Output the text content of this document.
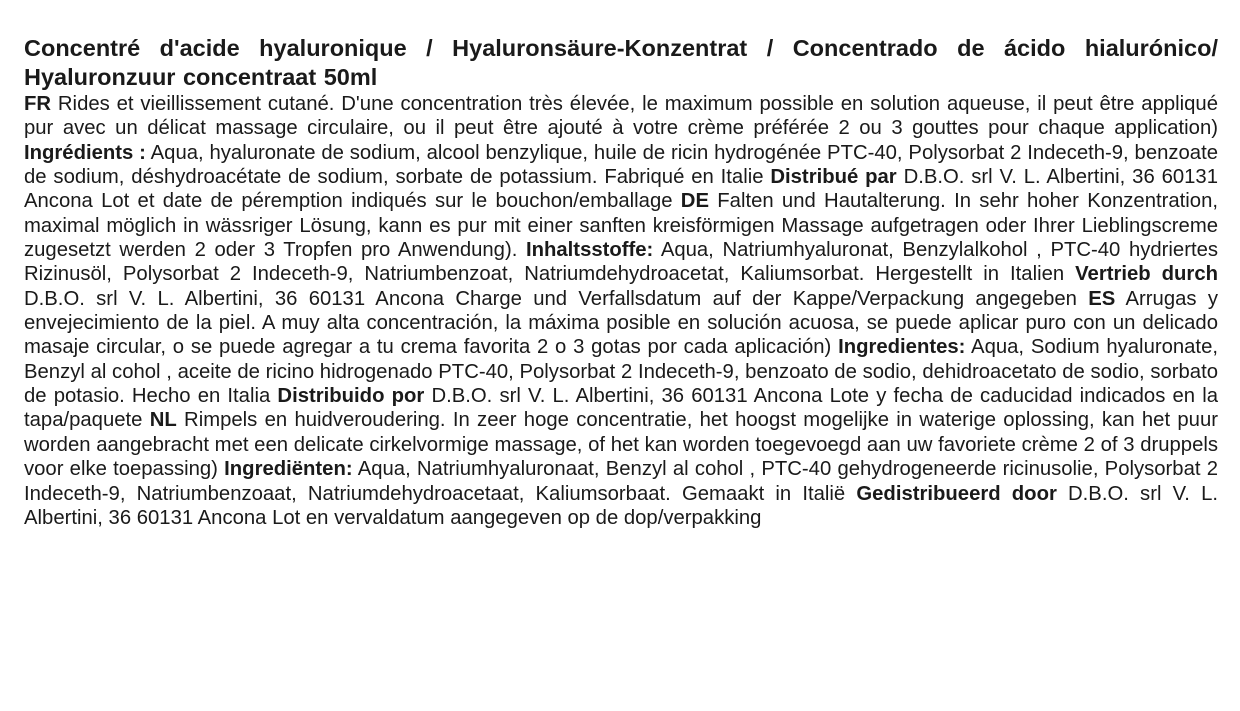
Concentré d'acide hyaluronique / Hyaluronsäure-Konzentrat / Concentrado de ácido hialurónico/ Hyaluronzuur concentraat 50ml

FR Rides et vieillissement cutané. D'une concentration très élevée, le maximum possible en solution aqueuse, il peut être appliqué pur avec un délicat massage circulaire, ou il peut être ajouté à votre crème préférée 2 ou 3 gouttes pour chaque application) Ingrédients : Aqua, hyaluronate de sodium, alcool benzylique, huile de ricin hydrogénée PTC-40, Polysorbat 2 Indeceth-9, benzoate de sodium, déshydroacétate de sodium, sorbate de potassium. Fabriqué en Italie Distribué par D.B.O. srl V. L. Albertini, 36 60131 Ancona Lot et date de péremption indiqués sur le bouchon/emballage DE Falten und Hautalterung. In sehr hoher Konzentration, maximal möglich in wässriger Lösung, kann es pur mit einer sanften kreisförmigen Massage aufgetragen oder Ihrer Lieblingscreme zugesetzt werden 2 oder 3 Tropfen pro Anwendung). Inhaltsstoffe: Aqua, Natriumhyaluronat, Benzylalkohol , PTC-40 hydriertes Rizinusöl, Polysorbat 2 Indeceth-9, Natriumbenzoat, Natriumdehydroacetat, Kaliumsorbat. Hergestellt in Italien Vertrieb durch D.B.O. srl V. L. Albertini, 36 60131 Ancona Charge und Verfallsdatum auf der Kappe/Verpackung angegeben ES Arrugas y envejecimiento de la piel. A muy alta concentración, la máxima posible en solución acuosa, se puede aplicar puro con un delicado masaje circular, o se puede agregar a tu crema favorita 2 o 3 gotas por cada aplicación) Ingredientes: Aqua, Sodium hyaluronate, Benzyl al cohol , aceite de ricino hidrogenado PTC-40, Polysorbat 2 Indeceth-9, benzoato de sodio, dehidroacetato de sodio, sorbato de potasio. Hecho en Italia Distribuido por D.B.O. srl V. L. Albertini, 36 60131 Ancona Lote y fecha de caducidad indicados en la tapa/paquete NL Rimpels en huidveroudering. In zeer hoge concentratie, het hoogst mogelijke in waterige oplossing, kan het puur worden aangebracht met een delicate cirkelvormige massage, of het kan worden toegevoegd aan uw favoriete crème 2 of 3 druppels voor elke toepassing) Ingrediënten: Aqua, Natriumhyaluronaat, Benzyl al cohol , PTC-40 gehydrogeneerde ricinusolie, Polysorbat 2 Indeceth-9, Natriumbenzoaat, Natriumdehydroacetaat, Kaliumsorbaat. Gemaakt in Italië Gedistribueerd door D.B.O. srl V. L. Albertini, 36 60131 Ancona Lot en vervaldatum aangegeven op de dop/verpakking
